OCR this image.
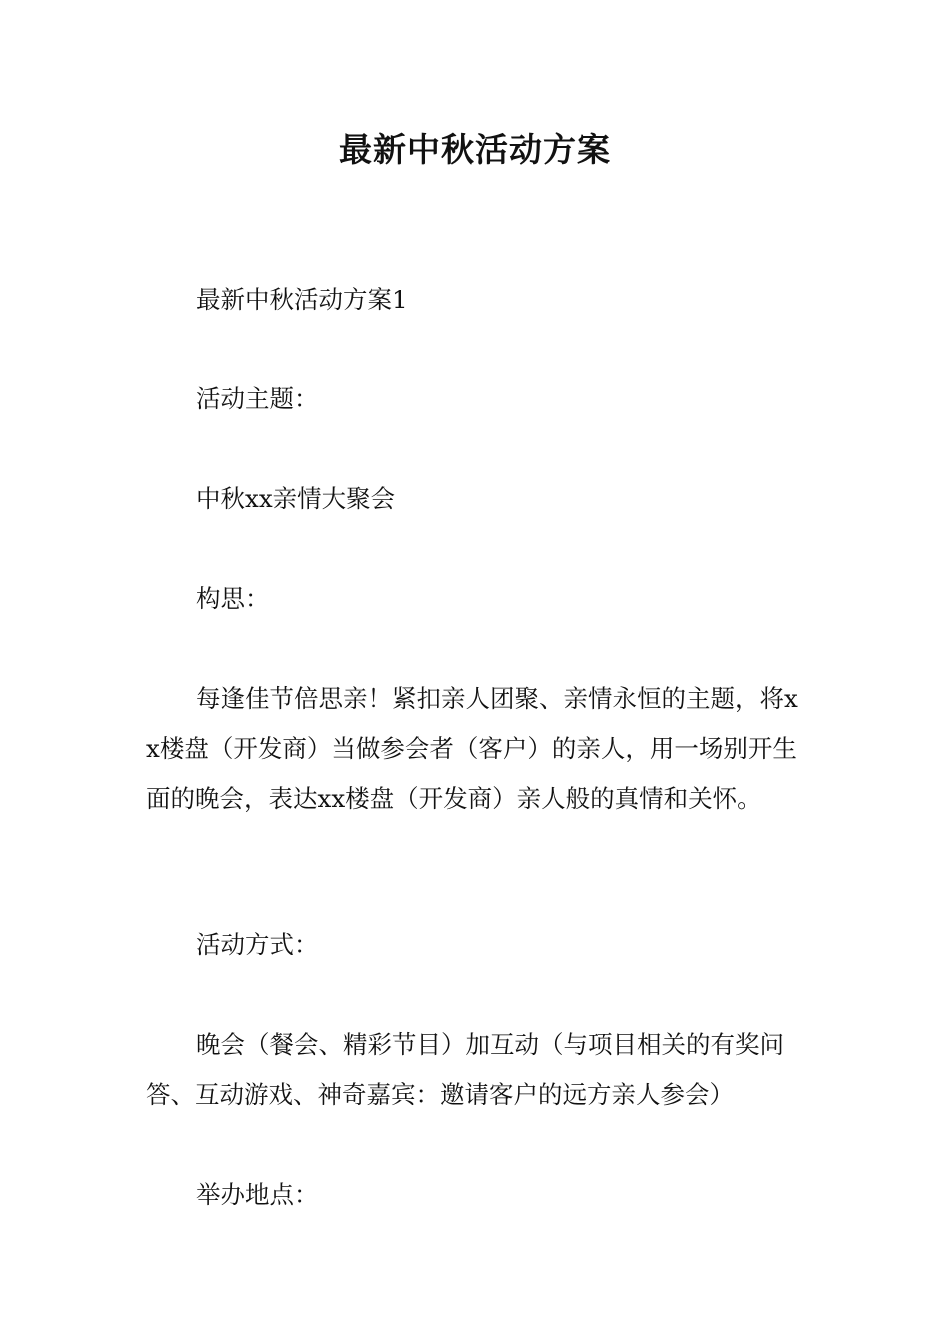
最新中秋活动方案

最新中秋活动方案1

活动主题：

中秋xx亲情大聚会

构思：

每逢佳节倍思亲！紧扣亲人团聚、亲情永恒的主题，将xx楼盘（开发商）当做参会者（客户）的亲人，用一场别开生面的晚会，表达xx楼盘（开发商）亲人般的真情和关怀。

活动方式：

晚会（餐会、精彩节目）加互动（与项目相关的有奖问答、互动游戏、神奇嘉宾：邀请客户的远方亲人参会）

举办地点：
